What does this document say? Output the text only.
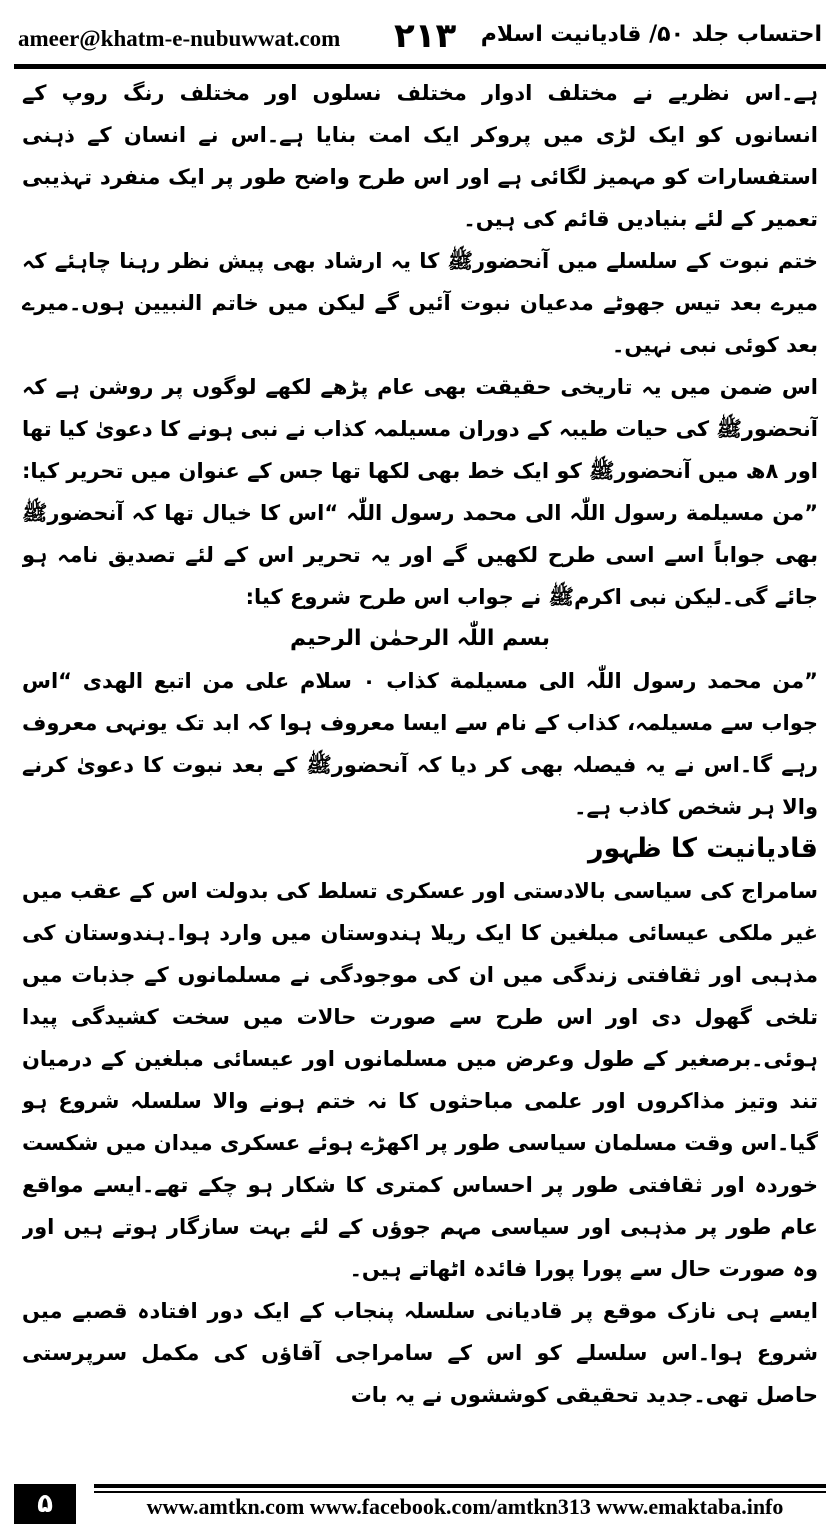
ameer@khatm-e-nubuwwat.com ۲۱۳ احتساب جلد ۵۰/ قادیانیت اسلام

ہے۔اس نظریے نے مختلف ادوار مختلف نسلوں اور مختلف رنگ روپ کے انسانوں کو ایک لڑی میں پروکر ایک امت بنایا ہے۔اس نے انسان کے ذہنی استفسارات کو مہمیز لگائی ہے اور اس طرح واضح طور پر ایک منفرد تہذیبی تعمیر کے لئے بنیادیں قائم کی ہیں۔

ختم نبوت کے سلسلے میں آنحضورﷺ کا یہ ارشاد بھی پیش نظر رہنا چاہئے کہ میرے بعد تیس جھوٹے مدعیان نبوت آئیں گے لیکن میں خاتم النبیین ہوں۔میرے بعد کوئی نبی نہیں۔

اس ضمن میں یہ تاریخی حقیقت بھی عام پڑھے لکھے لوگوں پر روشن ہے کہ آنحضورﷺ کی حیات طیبہ کے دوران مسیلمہ کذاب نے نبی ہونے کا دعویٰ کیا تھا اور ۸ھ میں آنحضورﷺ کو ایک خط بھی لکھا تھا جس کے عنوان میں تحریر کیا: ”من مسیلمة رسول اللّٰہ الی محمد رسول اللّٰہ “اس کا خیال تھا کہ آنحضورﷺ بھی جواباً اسے اسی طرح لکھیں گے اور یہ تحریر اس کے لئے تصدیق نامہ ہو جائے گی۔لیکن نبی اکرمﷺ نے جواب اس طرح شروع کیا:

بسم اللّٰہ الرحمٰن الرحیم

”من محمد رسول اللّٰہ الی مسیلمة کذاب ۰ سلام علی من اتبع الھدی “اس جواب سے مسیلمہ، کذاب کے نام سے ایسا معروف ہوا کہ ابد تک یونہی معروف رہے گا۔اس نے یہ فیصلہ بھی کر دیا کہ آنحضورﷺ کے بعد نبوت کا دعویٰ کرنے والا ہر شخص کاذب ہے۔

قادیانیت کا ظہور

سامراج کی سیاسی بالادستی اور عسکری تسلط کی بدولت اس کے عقب میں غیر ملکی عیسائی مبلغین کا ایک ریلا ہندوستان میں وارد ہوا۔ہندوستان کی مذہبی اور ثقافتی زندگی میں ان کی موجودگی نے مسلمانوں کے جذبات میں تلخی گھول دی اور اس طرح سے صورت حالات میں سخت کشیدگی پیدا ہوئی۔برصغیر کے طول وعرض میں مسلمانوں اور عیسائی مبلغین کے درمیان تند وتیز مذاکروں اور علمی مباحثوں کا نہ ختم ہونے والا سلسلہ شروع ہو گیا۔اس وقت مسلمان سیاسی طور پر اکھڑے ہوئے عسکری میدان میں شکست خوردہ اور ثقافتی طور پر احساس کمتری کا شکار ہو چکے تھے۔ایسے مواقع عام طور پر مذہبی اور سیاسی مہم جوؤں کے لئے بہت سازگار ہوتے ہیں اور وہ صورت حال سے پورا پورا فائدہ اٹھاتے ہیں۔

ایسے ہی نازک موقع پر قادیانی سلسلہ پنجاب کے ایک دور افتادہ قصبے میں شروع ہوا۔اس سلسلے کو اس کے سامراجی آقاؤں کی مکمل سرپرستی حاصل تھی۔جدید تحقیقی کوششوں نے یہ بات

۵	www.amtkn.com www.facebook.com/amtkn313 www.emaktaba.info
